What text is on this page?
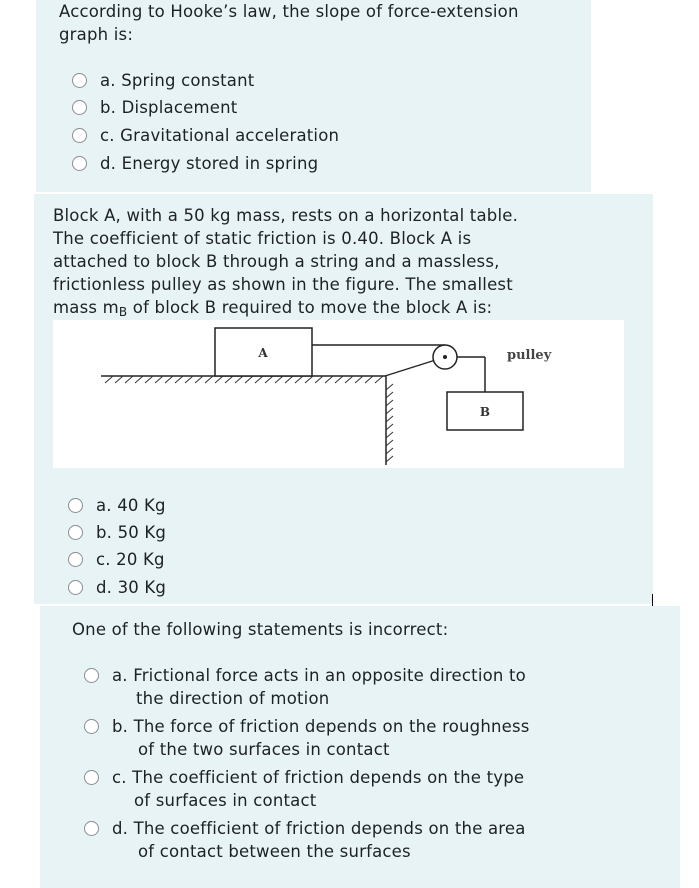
According to Hooke’s law, the slope of force-extension
graph is:
a. Spring constant
b. Displacement
c. Gravitational acceleration
d. Energy stored in spring
Block A, with a 50 kg mass, rests on a horizontal table.
The coefficient of static friction is 0.40. Block A is
attached to block B through a string and a massless,
frictionless pulley as shown in the figure. The smallest
mass mB of block B required to move the block A is:
A
B
pulley
a. 40 Kg
b. 50 Kg
c. 20 Kg
d. 30 Kg
One of the following statements is incorrect:
a. Frictional force acts in an opposite direction to
the direction of motion
b. The force of friction depends on the roughness
of the two surfaces in contact
c. The coefficient of friction depends on the type
of surfaces in contact
d. The coefficient of friction depends on the area
of contact between the surfaces
